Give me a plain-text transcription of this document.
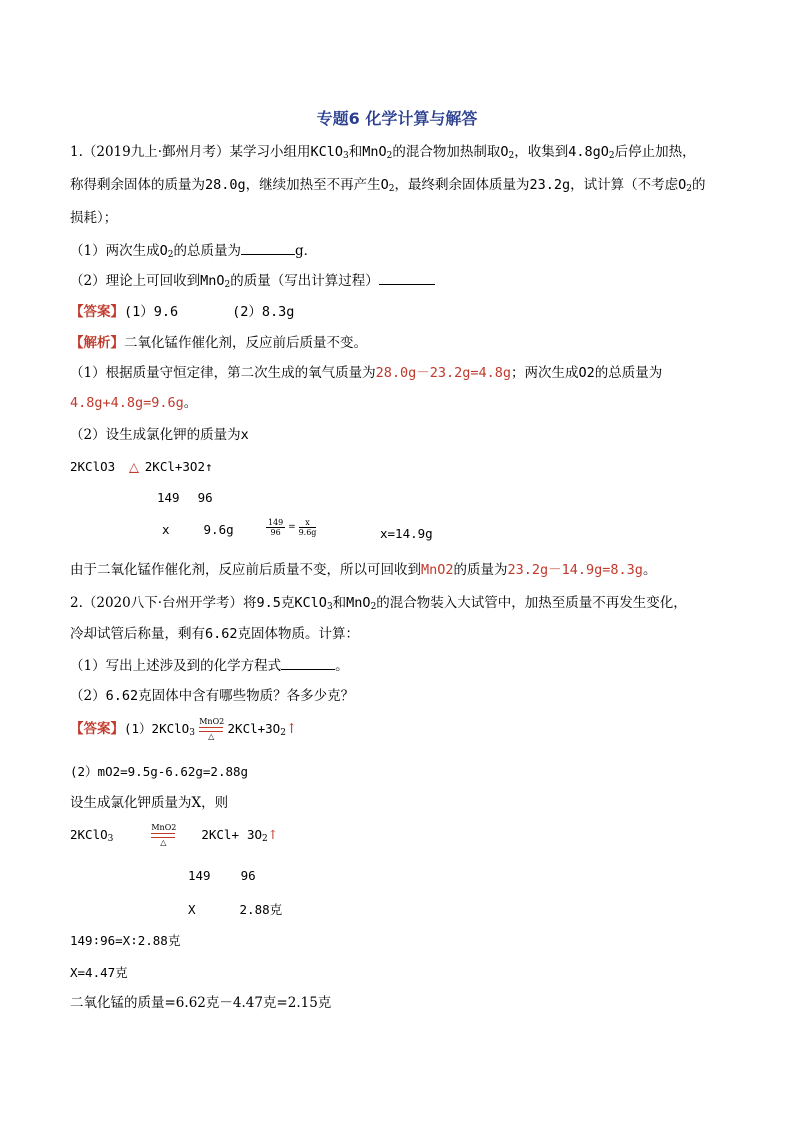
专题6 化学计算与解答
1.（2019九上·鄞州月考）某学习小组用KClO$_3$和MnO$_2$的混合物加热制取$O_2$，收集到$4.8gO_2$后停止加热，
称得剩余固体的质量为28.0g，继续加热至不再产生$O_2$，最终剩余固体质量为23.2g，试计算（不考虑$O_2$的
损耗）；
（1）两次生成$O_2$的总质量为	g．
（2）理论上可回收到MnO$_2$的质量（写出计算过程）
【答案】(1）9.6	(2）8.3g
【解析】二氧化锰作催化剂，反应前后质量不变。
（1）根据质量守恒定律，第二次生成的氧气质量为28.0g－23.2g=4.8g；两次生成O2的总质量为
4.8g+4.8g=9.6g。
（2）设生成氯化钾的质量为x
2KClO3 △ 2KCl+3O2↑
149 96
x	9.6g	$\frac{149}{96} = \frac{x}{9.6g}$	x=14.9g
由于二氧化锰作催化剂，反应前后质量不变，所以可回收到MnO2的质量为23.2g－14.9g=8.3g。
2.（2020八下·台州开学考）将9.5克KClO$_3$和MnO$_2$的混合物装入大试管中，加热至质量不再发生变化，
冷却试管后称量，剩有6.62克固体物质。计算：
（1）写出上述涉及到的化学方程式	。
（2）6.62克固体中含有哪些物质？各多少克？
【答案】(1）2KClO$_3$
MnO2
△
$2KCl+3O_2↑$
(2）mO2=9.5g-6.62g=2.88g
设生成氯化钾质量为X，则
2KClO$_3$
MnO2
△
$2KCl+ 3O_2↑$
149 96
X	2.88克
149∶96=X∶2.88克
X=4.47克
二氧化锰的质量=6.62克－4.47克=2.15克
